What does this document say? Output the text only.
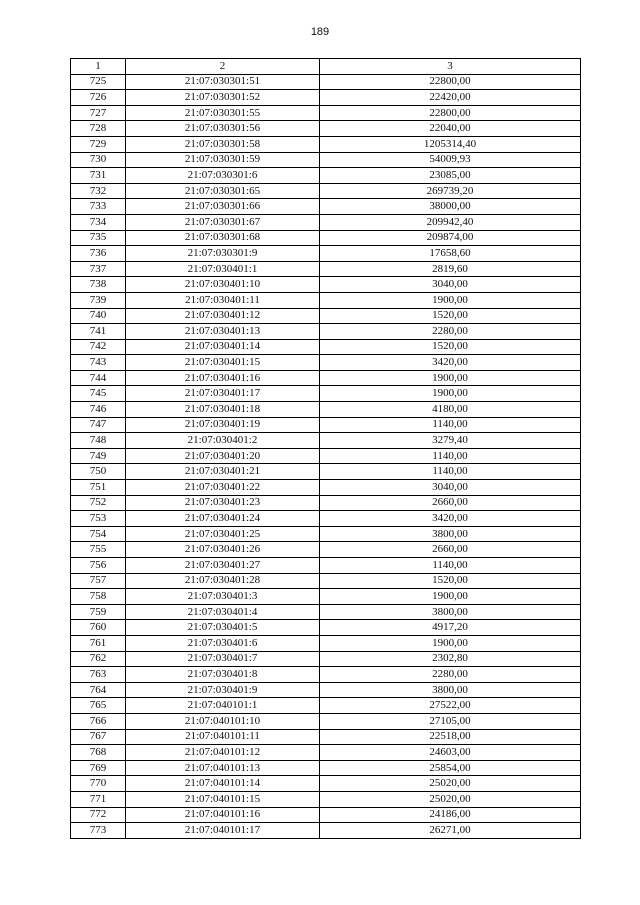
189
1	2	3
725	21:07:030301:51	22800,00
726	21:07:030301:52	22420,00
727	21:07:030301:55	22800,00
728	21:07:030301:56	22040,00
729	21:07:030301:58	1205314,40
730	21:07:030301:59	54009,93
731	21:07:030301:6	23085,00
732	21:07:030301:65	269739,20
733	21:07:030301:66	38000,00
734	21:07:030301:67	209942,40
735	21:07:030301:68	209874,00
736	21:07:030301:9	17658,60
737	21:07:030401:1	2819,60
738	21:07:030401:10	3040,00
739	21:07:030401:11	1900,00
740	21:07:030401:12	1520,00
741	21:07:030401:13	2280,00
742	21:07:030401:14	1520,00
743	21:07:030401:15	3420,00
744	21:07:030401:16	1900,00
745	21:07:030401:17	1900,00
746	21:07:030401:18	4180,00
747	21:07:030401:19	1140,00
748	21:07:030401:2	3279,40
749	21:07:030401:20	1140,00
750	21:07:030401:21	1140,00
751	21:07:030401:22	3040,00
752	21:07:030401:23	2660,00
753	21:07:030401:24	3420,00
754	21:07:030401:25	3800,00
755	21:07:030401:26	2660,00
756	21:07:030401:27	1140,00
757	21:07:030401:28	1520,00
758	21:07:030401:3	1900,00
759	21:07:030401:4	3800,00
760	21:07:030401:5	4917,20
761	21:07:030401:6	1900,00
762	21:07:030401:7	2302,80
763	21:07:030401:8	2280,00
764	21:07:030401:9	3800,00
765	21:07:040101:1	27522,00
766	21:07:040101:10	27105,00
767	21:07:040101:11	22518,00
768	21:07:040101:12	24603,00
769	21:07:040101:13	25854,00
770	21:07:040101:14	25020,00
771	21:07:040101:15	25020,00
772	21:07:040101:16	24186,00
773	21:07:040101:17	26271,00
